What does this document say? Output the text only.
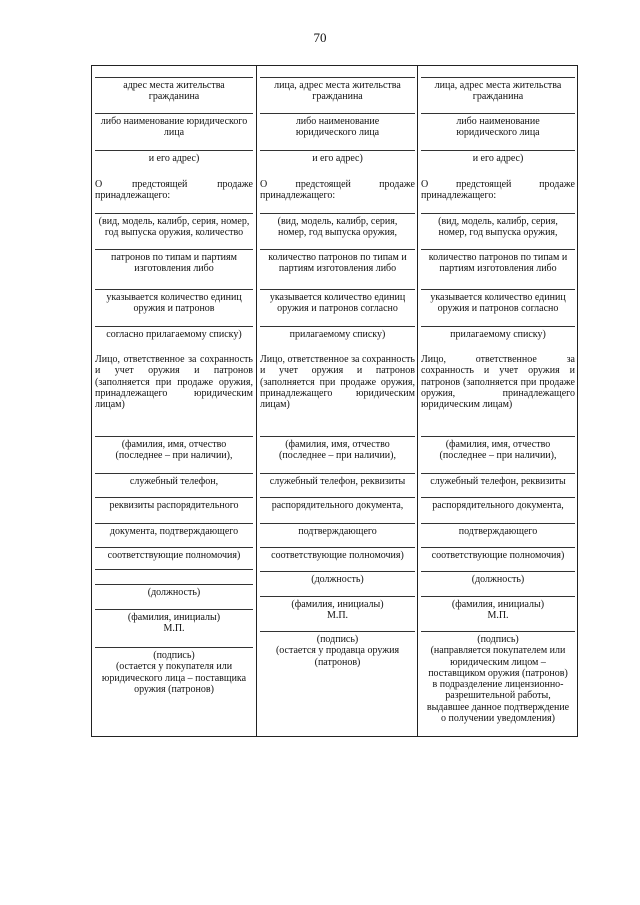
70
адрес места жительства
гражданина
либо наименование юридического
лица
и его адрес)
О предстоящей продаже
принадлежащего:
(вид, модель, калибр, серия, номер,
год выпуска оружия, количество
патронов по типам и партиям
изготовления либо
указывается количество единиц
оружия и патронов
согласно прилагаемому списку)
Лицо, ответственное за сохранность и учет оружия и патронов (заполняется при продаже оружия, принадлежащего юридическим лицам)
(фамилия, имя, отчество
(последнее – при наличии),
служебный телефон,
реквизиты распорядительного
документа, подтверждающего
соответствующие полномочия)
(должность)
(фамилия, инициалы)
М.П.
(подпись)
(остается у покупателя или
юридического лица – поставщика
оружия (патронов)
лица, адрес места жительства
гражданина
либо наименование
юридического лица
и его адрес)
О предстоящей продаже
принадлежащего:
(вид, модель, калибр, серия,
номер, год выпуска оружия,
количество патронов по типам и
партиям изготовления либо
указывается количество единиц
оружия и патронов согласно
прилагаемому списку)
Лицо, ответственное за сохранность и учет оружия и патронов (заполняется при продаже оружия, принадлежащего юридическим лицам)
(фамилия, имя, отчество
(последнее – при наличии),
служебный телефон, реквизиты
распорядительного документа,
подтверждающего
соответствующие полномочия)
(должность)
(фамилия, инициалы)
М.П.
(подпись)
(остается у продавца оружия
(патронов)
лица, адрес места жительства
гражданина
либо наименование
юридического лица
и его адрес)
О предстоящей продаже
принадлежащего:
(вид, модель, калибр, серия,
номер, год выпуска оружия,
количество патронов по типам и
партиям изготовления либо
указывается количество единиц
оружия и патронов согласно
прилагаемому списку)
Лицо, ответственное за сохранность и учет оружия и патронов (заполняется при продаже оружия, принадлежащего юридическим лицам)
(фамилия, имя, отчество
(последнее – при наличии),
служебный телефон, реквизиты
распорядительного документа,
подтверждающего
соответствующие полномочия)
(должность)
(фамилия, инициалы)
М.П.
(подпись)
(направляется покупателем или
юридическим лицом –
поставщиком оружия (патронов)
в подразделение лицензионно-
разрешительной работы,
выдавшее данное подтверждение
о получении уведомления)
